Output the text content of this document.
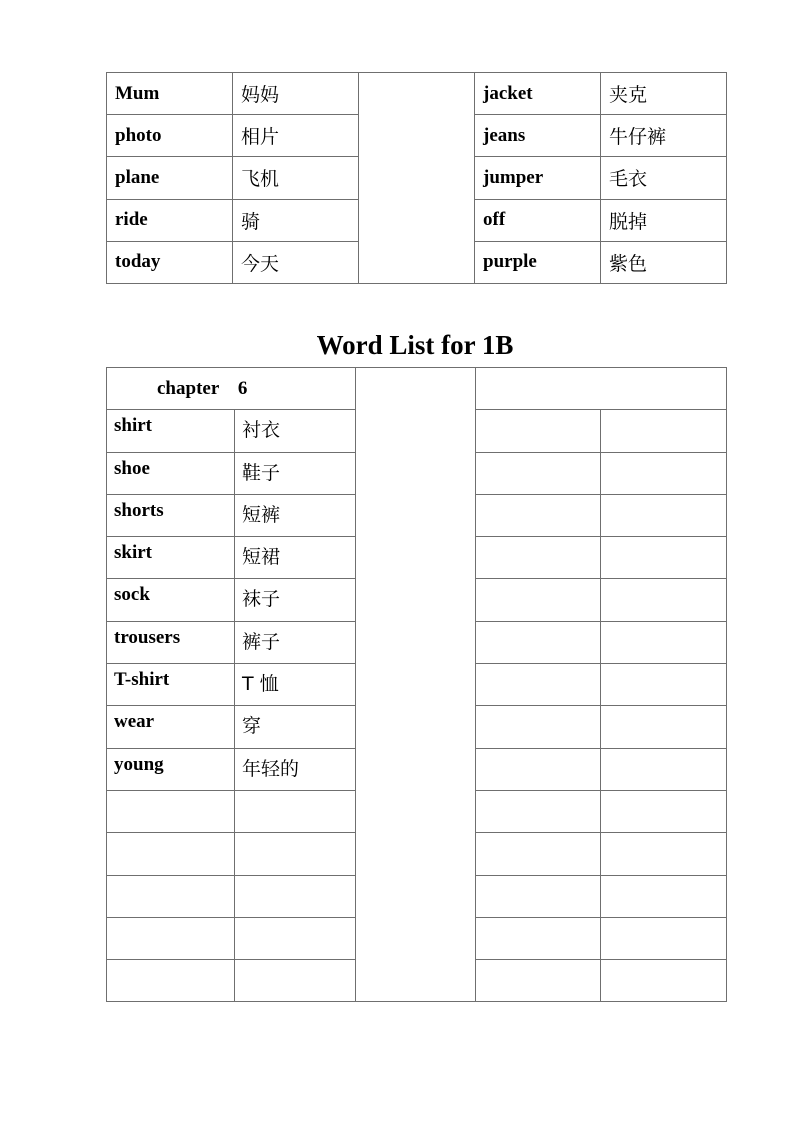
Mum	妈妈		jacket	夹克
photo	相片		jeans	牛仔裤
plane	飞机		jumper	毛衣
ride	骑		off	脱掉
today	今天		purple	紫色
Word List for 1B
chapter    6				
shirt	衬衣			
shoe	鞋子			
shorts	短裤			
skirt	短裙			
sock	袜子			
trousers	裤子			
T-shirt	T 恤			
wear	穿			
young	年轻的			
